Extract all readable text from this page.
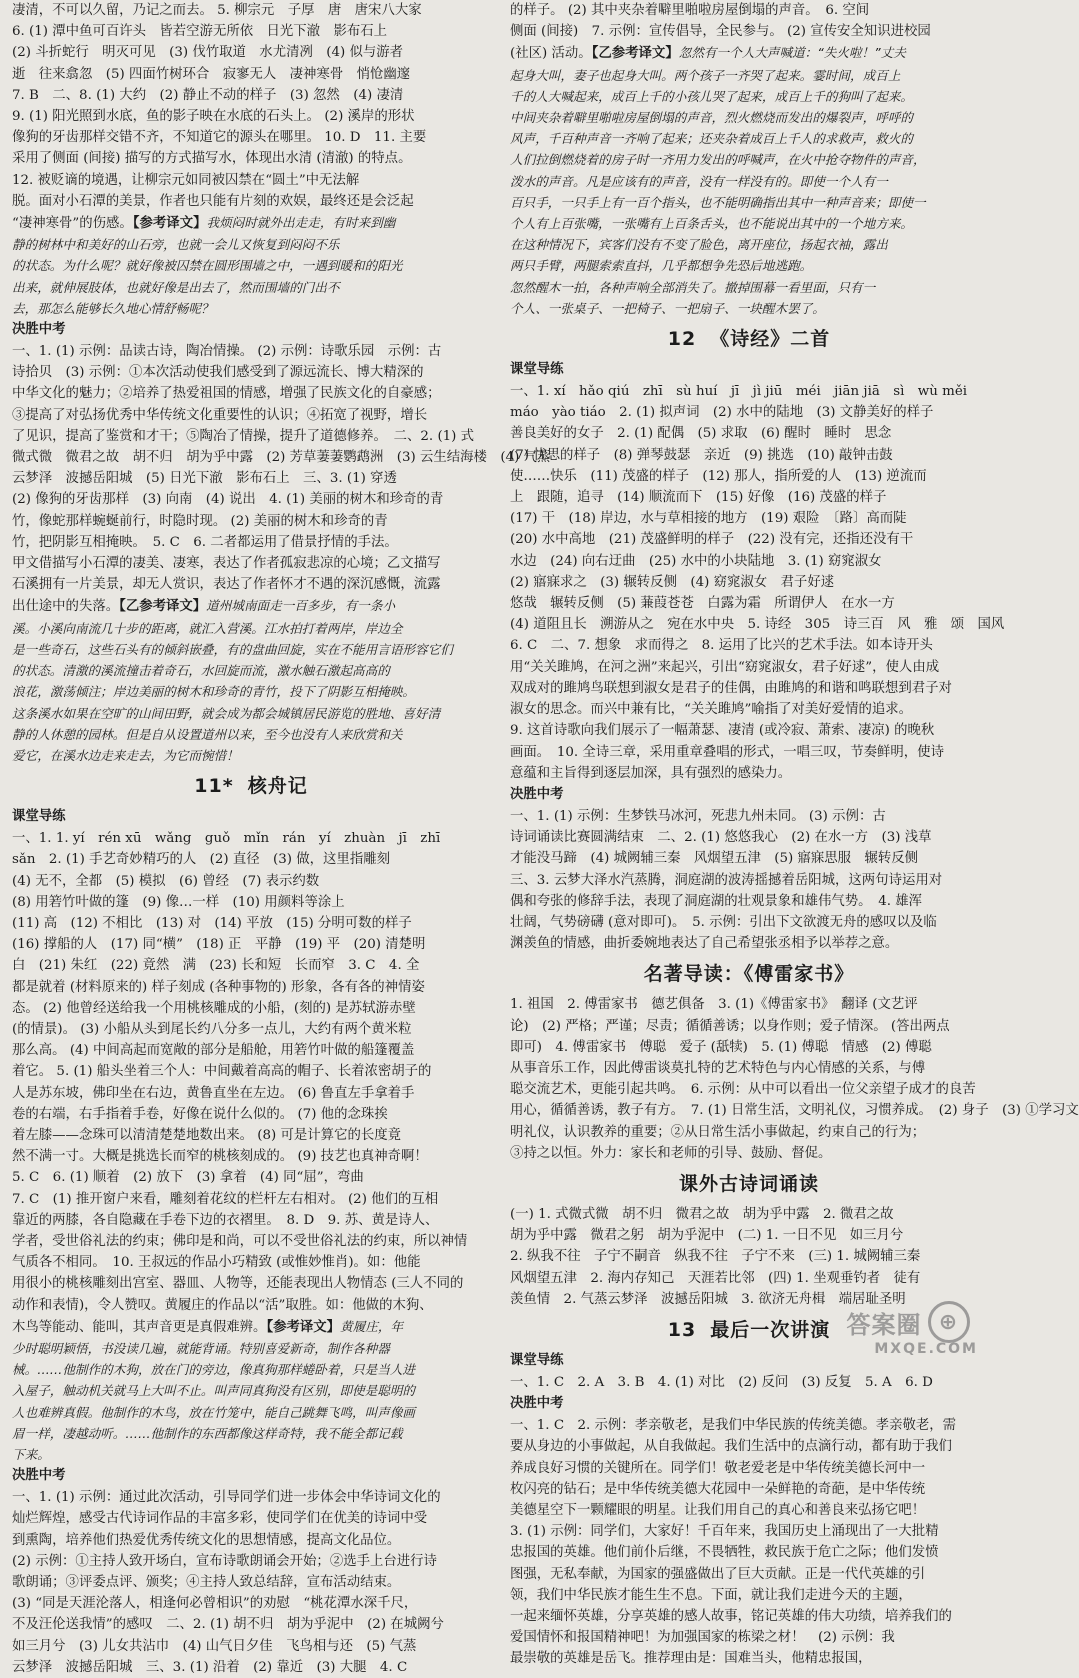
凄清，不可以久留，乃记之而去。 5. 柳宗元　子厚　唐　唐宋八大家

6. (1) 潭中鱼可百许头　皆若空游无所依　日光下澈　影布石上

(2) 斗折蛇行　明灭可见　(3) 伐竹取道　水尤清冽　(4) 似与游者

逝　往来翕忽　(5) 四面竹树环合　寂寥无人　凄神寒骨　悄怆幽邃

7. B　二、8. (1) 大约　(2) 静止不动的样子　(3) 忽然　(4) 凄清

9. (1) 阳光照到水底，鱼的影子映在水底的石头上。 (2) 溪岸的形状

像狗的牙齿那样交错不齐，不知道它的源头在哪里。 10. D　11. 主要

采用了侧面 (间接) 描写的方式描写水，体现出水清 (清澈) 的特点。

12. 被贬谪的境遇，让柳宗元如同被囚禁在“圆土”中无法解

脱。面对小石潭的美景，作者也只能有片刻的欢娱，最终还是会泛起

“凄神寒骨”的伤感。【参考译文】我烦闷时就外出走走，有时来到幽

静的树林中和美好的山石旁，也就一会儿又恢复到闷闷不乐

的状态。为什么呢？就好像被囚禁在圆形围墙之中，一遇到暖和的阳光

出来，就伸展肢体，也就好像是出去了，然而围墙的门出不

去，那怎么能够长久地心情舒畅呢？

决胜中考

一、1. (1) 示例：品读古诗，陶冶情操。 (2) 示例：诗歌乐园　示例：古

诗拾贝　(3) 示例：①本次活动使我们感受到了源远流长、博大精深的

中华文化的魅力；②培养了热爱祖国的情感，增强了民族文化的自豪感；

③提高了对弘扬优秀中华传统文化重要性的认识；④拓宽了视野，增长

了见识，提高了鉴赏和才干；⑤陶冶了情操，提升了道德修养。　二、2. (1) 式

微式微　微君之故　胡不归　胡为乎中露　(2) 芳草萋萋鹦鹉洲　(3) 云生结海楼　(4) 气蒸

云梦泽　波撼岳阳城　(5) 日光下澈　影布石上　三、3. (1) 穿透

(2) 像狗的牙齿那样　(3) 向南　(4) 说出　4. (1) 美丽的树木和珍奇的青

竹，像蛇那样蜿蜒前行，时隐时现。 (2) 美丽的树木和珍奇的青

竹，把阴影互相掩映。　5. C　6. 二者都运用了借景抒情的手法。

甲文借描写小石潭的凄美、凄寒，表达了作者孤寂悲凉的心境；乙文描写

石溪拥有一片美景，却无人赏识，表达了作者怀才不遇的深沉感慨，流露

出仕途中的失落。【乙参考译文】道州城南面走一百多步，有一条小

溪。小溪向南流几十步的距离，就汇入营溪。江水拍打着两岸，岸边全

是一些奇石，这些石头有的倾斜嵌叠，有的盘曲回旋，实在不能用言语形容它们

的状态。清激的溪流撞击着奇石，水回旋而流，激水触石激起高高的

浪花，激荡倾注；岸边美丽的树木和珍奇的青竹，投下了阴影互相掩映。

这条溪水如果在空旷的山间田野，就会成为都会城镇居民游览的胜地、喜好清

静的人休憩的园林。但是自从设置道州以来，至今也没有人来欣赏和关

爱它，在溪水边走来走去，为它而惋惜！

11* 核舟记
课堂导练

一、1. 1. yí　rén xū　wǎng　guǒ　mǐn　rán　yí　zhuàn　jī　zhī

sǎn　2. (1) 手艺奇妙精巧的人　(2) 直径　(3) 做，这里指雕刻

(4) 无不，全都　(5) 模拟　(6) 曾经　(7) 表示约数

(8) 用箬竹叶做的篷　(9) 像…一样　(10) 用颜料等涂上

(11) 高　(12) 不相比　(13) 对　(14) 平放　(15) 分明可数的样子

(16) 撑船的人　(17) 同“横”　(18) 正　平静　(19) 平　(20) 清楚明

白　(21) 朱红　(22) 竟然　满　(23) 长和短　长而窄　3. C　4. 全

都是就着 (材料原来的) 样子刻成 (各种事物的) 形象，各有各的神情姿

态。 (2) 他曾经送给我一个用桃核雕成的小船，(刻的) 是苏轼游赤壁

(的情景)。 (3) 小船从头到尾长约八分多一点儿，大约有两个黄米粒

那么高。 (4) 中间高起而宽敞的部分是船舱，用箬竹叶做的船篷覆盖

着它。 5. (1) 船头坐着三个人：中间戴着高高的帽子、长着浓密胡子的

人是苏东坡，佛印坐在右边，黄鲁直坐在左边。 (6) 鲁直左手拿着手

卷的右端，右手指着手卷，好像在说什么似的。 (7) 他的念珠挨

着左膝——念珠可以清清楚楚地数出来。 (8) 可是计算它的长度竟

然不满一寸。大概是挑选长而窄的桃核刻成的。 (9) 技艺也真神奇啊！

5. C　6. (1) 顺着　(2) 放下　(3) 拿着　(4) 同“屈”，弯曲

7. C　(1) 推开窗户来看，雕刻着花纹的栏杆左右相对。 (2) 他们的互相

靠近的两膝，各自隐藏在手卷下边的衣褶里。　8. D　9. 苏、黄是诗人、

学者，受世俗礼法的约束；佛印是和尚，可以不受世俗礼法的约束，所以神情

气质各不相同。　10. 王叔远的作品小巧精致 (或惟妙惟肖)。如：他能

用很小的桃核雕刻出宫室、器皿、人物等，还能表现出人物情态 (三人不同的

动作和表情)，令人赞叹。黄履庄的作品以“活”取胜。如：他做的木狗、

木鸟等能动、能叫，其声音更是真假难辨。【参考译文】黄履庄，年

少时聪明颖悟，书没读几遍，就能背诵。特别喜爱新奇，制作各种器

械。……他制作的木狗，放在门的旁边，像真狗那样蜷卧着，只是当人进

入屋子，触动机关就马上大叫不止。叫声同真狗没有区别，即使是聪明的

人也难辨真假。他制作的木鸟，放在竹笼中，能自己跳舞飞鸣，叫声像画

眉一样，凄越动听。……他制作的东西都像这样奇特，我不能全都记载

下来。

决胜中考

一、1. (1) 示例：通过此次活动，引导同学们进一步体会中华诗词文化的

灿烂辉煌，感受古代诗词作品的丰富多彩，使同学们在优美的诗词中受

到熏陶，培养他们热爱优秀传统文化的思想情感，提高文化品位。

(2) 示例：①主持人致开场白，宣布诗歌朗诵会开始；②选手上台进行诗

歌朗诵；③评委点评、颁奖；④主持人致总结辞，宣布活动结束。

(3) “同是天涯沦落人，相逢何必曾相识”的劝慰　“桃花潭水深千尺，

不及汪伦送我情”的感叹　二、2. (1) 胡不归　胡为乎泥中　(2) 在城阙兮

如三月兮　(3) 儿女共沾巾　(4) 山气日夕佳　飞鸟相与还　(5) 气蒸

云梦泽　波撼岳阳城　三、3. (1) 沿着　(2) 靠近　(3) 大腿　4. C

的样子。 (2) 其中夹杂着噼里啪啦房屋倒塌的声音。　6. 空间

侧面 (间接)　7. 示例：宣传倡导，全民参与。 (2) 宣传安全知识进校园

(社区) 活动。【乙参考译文】忽然有一个人大声喊道：“失火啦！”丈夫

起身大叫，妻子也起身大叫。两个孩子一齐哭了起来。霎时间，成百上

千的人大喊起来，成百上千的小孩儿哭了起来，成百上千的狗叫了起来。

中间夹杂着噼里啪啦房屋倒塌的声音，烈火燃烧而发出的爆裂声，呼呼的

风声，千百种声音一齐响了起来；还夹杂着成百上千人的求救声，救火的

人们拉倒燃烧着的房子时一齐用力发出的呼喊声，在火中抢夺物件的声音，

泼水的声音。凡是应该有的声音，没有一样没有的。即使一个人有一

百只手，一只手上有一百个指头，也不能明确指出其中一种声音来；即使一

个人有上百张嘴，一张嘴有上百条舌头，也不能说出其中的一个地方来。

在这种情况下，宾客们没有不变了脸色，离开座位，扬起衣袖，露出

两只手臂，两腿索索直抖，几乎都想争先恐后地逃跑。

忽然醒木一拍，各种声响全部消失了。撤掉围幕一看里面，只有一

个人、一张桌子、一把椅子、一把扇子、一块醒木罢了。

12 《诗经》二首
课堂导练

一、1. xí　hǎo qiú　zhī　sù huí　jī　jì jiū　méi　jiān jiā　sì　wù měi

máo　yào tiáo　2. (1) 拟声词　(2) 水中的陆地　(3) 文静美好的样子

善良美好的女子　2. (1) 配偶　(5) 求取　(6) 醒时　睡时　思念

(7) 忧思的样子　(8) 弹琴鼓瑟　亲近　(9) 挑选　(10) 敲钟击鼓

使……快乐　(11) 茂盛的样子　(12) 那人，指所爱的人　(13) 逆流而

上　跟随，追寻　(14) 顺流而下　(15) 好像　(16) 茂盛的样子

(17) 干　(18) 岸边，水与草相接的地方　(19) 艰险　〔路〕高而陡

(20) 水中高地　(21) 茂盛鲜明的样子　(22) 没有完，还指还没有干

水边　(24) 向右迂曲　(25) 水中的小块陆地　3. (1) 窈窕淑女

(2) 寤寐求之　(3) 辗转反侧　(4) 窈窕淑女　君子好逑

悠哉　辗转反侧　(5) 蒹葭苍苍　白露为霜　所谓伊人　在水一方

(4) 道阻且长　溯游从之　宛在水中央　5. 诗经　305　诗三百　风　雅　颂　国风

6. C　二、7. 想象　求而得之　8. 运用了比兴的艺术手法。如本诗开头

用“关关雎鸠，在河之洲”来起兴，引出“窈窕淑女，君子好逑”，使人由成

双成对的雎鸠鸟联想到淑女是君子的佳偶，由雎鸠的和谐和鸣联想到君子对

淑女的思念。而兴中兼有比，“关关雎鸠”喻指了对美好爱情的追求。

9. 这首诗歌向我们展示了一幅萧瑟、凄清 (或冷寂、萧索、凄凉) 的晚秋

画面。　10. 全诗三章，采用重章叠唱的形式，一唱三叹，节奏鲜明，使诗

意蕴和主旨得到逐层加深，具有强烈的感染力。

决胜中考

一、1. (1) 示例：生梦铁马冰河，死悲九州未同。 (3) 示例：古

诗词诵读比赛圆满结束　二、2. (1) 悠悠我心　(2) 在水一方　(3) 浅草

才能没马蹄　(4) 城阙辅三秦　风烟望五津　(5) 寤寐思服　辗转反侧

三、3. 云梦大泽水汽蒸腾，洞庭湖的波涛摇撼着岳阳城，这两句诗运用对

偶和夸张的修辞手法，表现了洞庭湖的壮观景象和雄伟气势。　4. 雄浑

壮阔，气势磅礴 (意对即可)。　5. 示例：引出下文欲渡无舟的感叹以及临

渊羡鱼的情感，曲折委婉地表达了自己希望张丞相予以举荐之意。

名著导读：《傅雷家书》

1. 祖国　2. 傅雷家书　德艺俱备　3. (1)《傅雷家书》　翻译 (文艺评

论)　(2) 严格；严谨；尽责；循循善诱；以身作则；爱子情深。 (答出两点

即可)　4. 傅雷家书　傅聪　爱子 (舐犊)　5. (1) 傅聪　情感　(2) 傅聪

从事音乐工作，因此傅雷谈莫扎特的艺术特色与内心情感的关系，与傅

聪交流艺术，更能引起共鸣。　6. 示例：从中可以看出一位父亲望子成才的良苦

用心，循循善诱，教子有方。　7. (1) 日常生活，文明礼仪，习惯养成。　(2) 身子　(3) ①学习文

明礼仪，认识教养的重要；②从日常生活小事做起，约束自己的行为；

③持之以恒。外力：家长和老师的引导、鼓励、督促。

课外古诗词诵读

(一) 1. 式微式微　胡不归　微君之故　胡为乎中露　2. 微君之故

胡为乎中露　微君之躬　胡为乎泥中　(二) 1. 一日不见　如三月兮

2. 纵我不往　子宁不嗣音　纵我不往　子宁不来　(三) 1. 城阙辅三秦

风烟望五津　2. 海内存知己　天涯若比邻　(四) 1. 坐观垂钓者　徒有

羡鱼情　2. 气蒸云梦泽　波撼岳阳城　3. 欲济无舟楫　端居耻圣明

13 最后一次讲演
课堂导练

一、1. C　2. A　3. B　4. (1) 对比　(2) 反问　(3) 反复　5. A　6. D

决胜中考

一、1. C　2. 示例：孝亲敬老，是我们中华民族的传统美德。孝亲敬老，需

要从身边的小事做起，从自我做起。我们生活中的点滴行动，都有助于我们

养成良好习惯的关键所在。同学们！敬老爱老是中华传统美德长河中一

枚闪亮的钻石；是中华传统美德大花园中一朵鲜艳的奇葩，是中华传统

美德星空下一颗耀眼的明星。让我们用自己的真心和善良来弘扬它吧！

3. (1) 示例：同学们，大家好！千百年来，我国历史上涌现出了一大批精

忠报国的英雄。他们前仆后继，不畏牺牲，救民族于危亡之际；他们发愤

图强，无私奉献，为国家的强盛做出了巨大贡献。正是一代代英雄的引

领，我们中华民族才能生生不息。下面，就让我们走进今天的主题，

一起来缅怀英雄，分享英雄的感人故事，铭记英雄的伟大功绩，培养我们的

爱国情怀和报国精神吧！为加强国家的栋梁之材！　(2) 示例：我

最崇敬的英雄是岳飞。推荐理由是：国难当头，他精忠报国，

答案圈 ⊕
MXQE.COM
